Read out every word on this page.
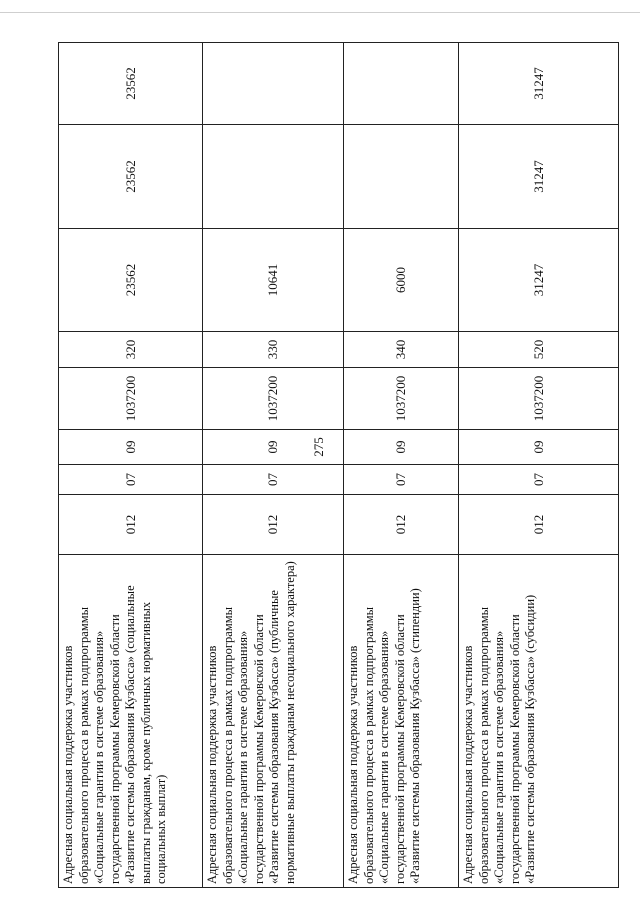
275
Адресная социальная поддержка участников образовательного процесса в рамках подпрограммы «Социальные гарантии в системе образования» государственной программы Кемеровской области «Развитие системы образования Кузбасса» (социальные выплаты гражданам, кроме публичных нормативных социальных выплат)	012	07	09	1037200	320	23562	23562	23562
Адресная социальная поддержка участников образовательного процесса в рамках подпрограммы «Социальные гарантии в системе образования» государственной программы Кемеровской области «Развитие системы образования Кузбасса» (публичные нормативные выплаты гражданам несоциального характера)	012	07	09	1037200	330	10641		
Адресная социальная поддержка участников образовательного процесса в рамках подпрограммы «Социальные гарантии в системе образования» государственной программы Кемеровской области «Развитие системы образования Кузбасса» (стипендии)	012	07	09	1037200	340	6000		
Адресная социальная поддержка участников образовательного процесса в рамках подпрограммы «Социальные гарантии в системе образования» государственной программы Кемеровской области «Развитие системы образования Кузбасса» (субсидии)	012	07	09	1037200	520	31247	31247	31247
